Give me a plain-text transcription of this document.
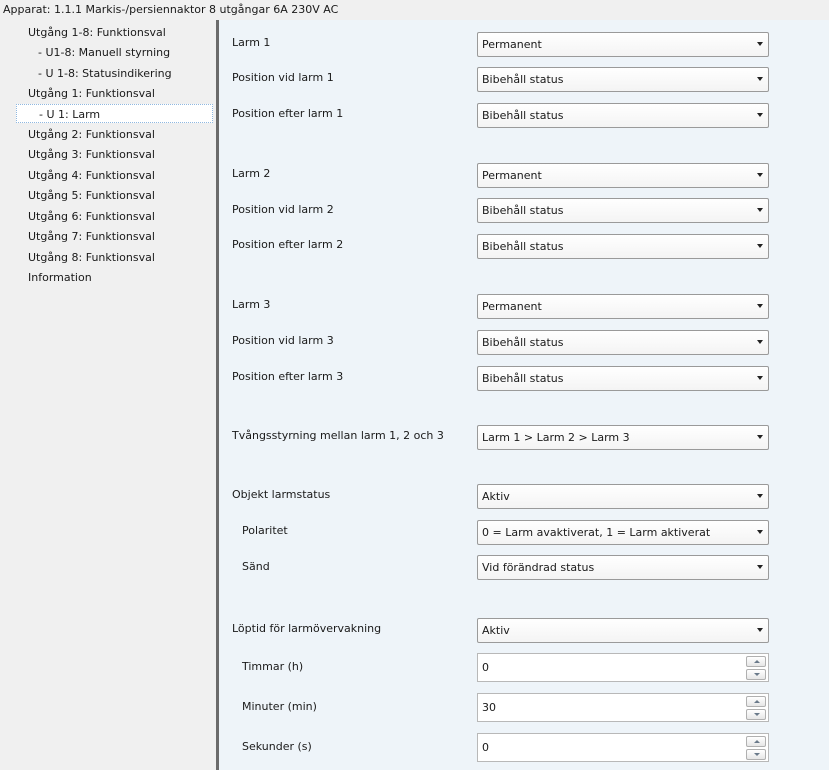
Apparat: 1.1.1 Markis-/persiennaktor 8 utgångar 6A 230V AC
Utgång 1-8: Funktionsval
- U1-8: Manuell styrning
- U 1-8: Statusindikering
Utgång 1: Funktionsval
- U 1: Larm
Utgång 2: Funktionsval
Utgång 3: Funktionsval
Utgång 4: Funktionsval
Utgång 5: Funktionsval
Utgång 6: Funktionsval
Utgång 7: Funktionsval
Utgång 8: Funktionsval
Information
Larm 1	Permanent
Position vid larm 1	Bibehåll status
Position efter larm 1	Bibehåll status
Larm 2	Permanent
Position vid larm 2	Bibehåll status
Position efter larm 2	Bibehåll status
Larm 3	Permanent
Position vid larm 3	Bibehåll status
Position efter larm 3	Bibehåll status
Tvångsstyrning mellan larm 1, 2 och 3	Larm 1 > Larm 2 > Larm 3
Objekt larmstatus	Aktiv
Polaritet	0 = Larm avaktiverat, 1 = Larm aktiverat
Sänd	Vid förändrad status
Löptid för larmövervakning	Aktiv
Timmar (h)	0
Minuter (min)	30
Sekunder (s)	0
